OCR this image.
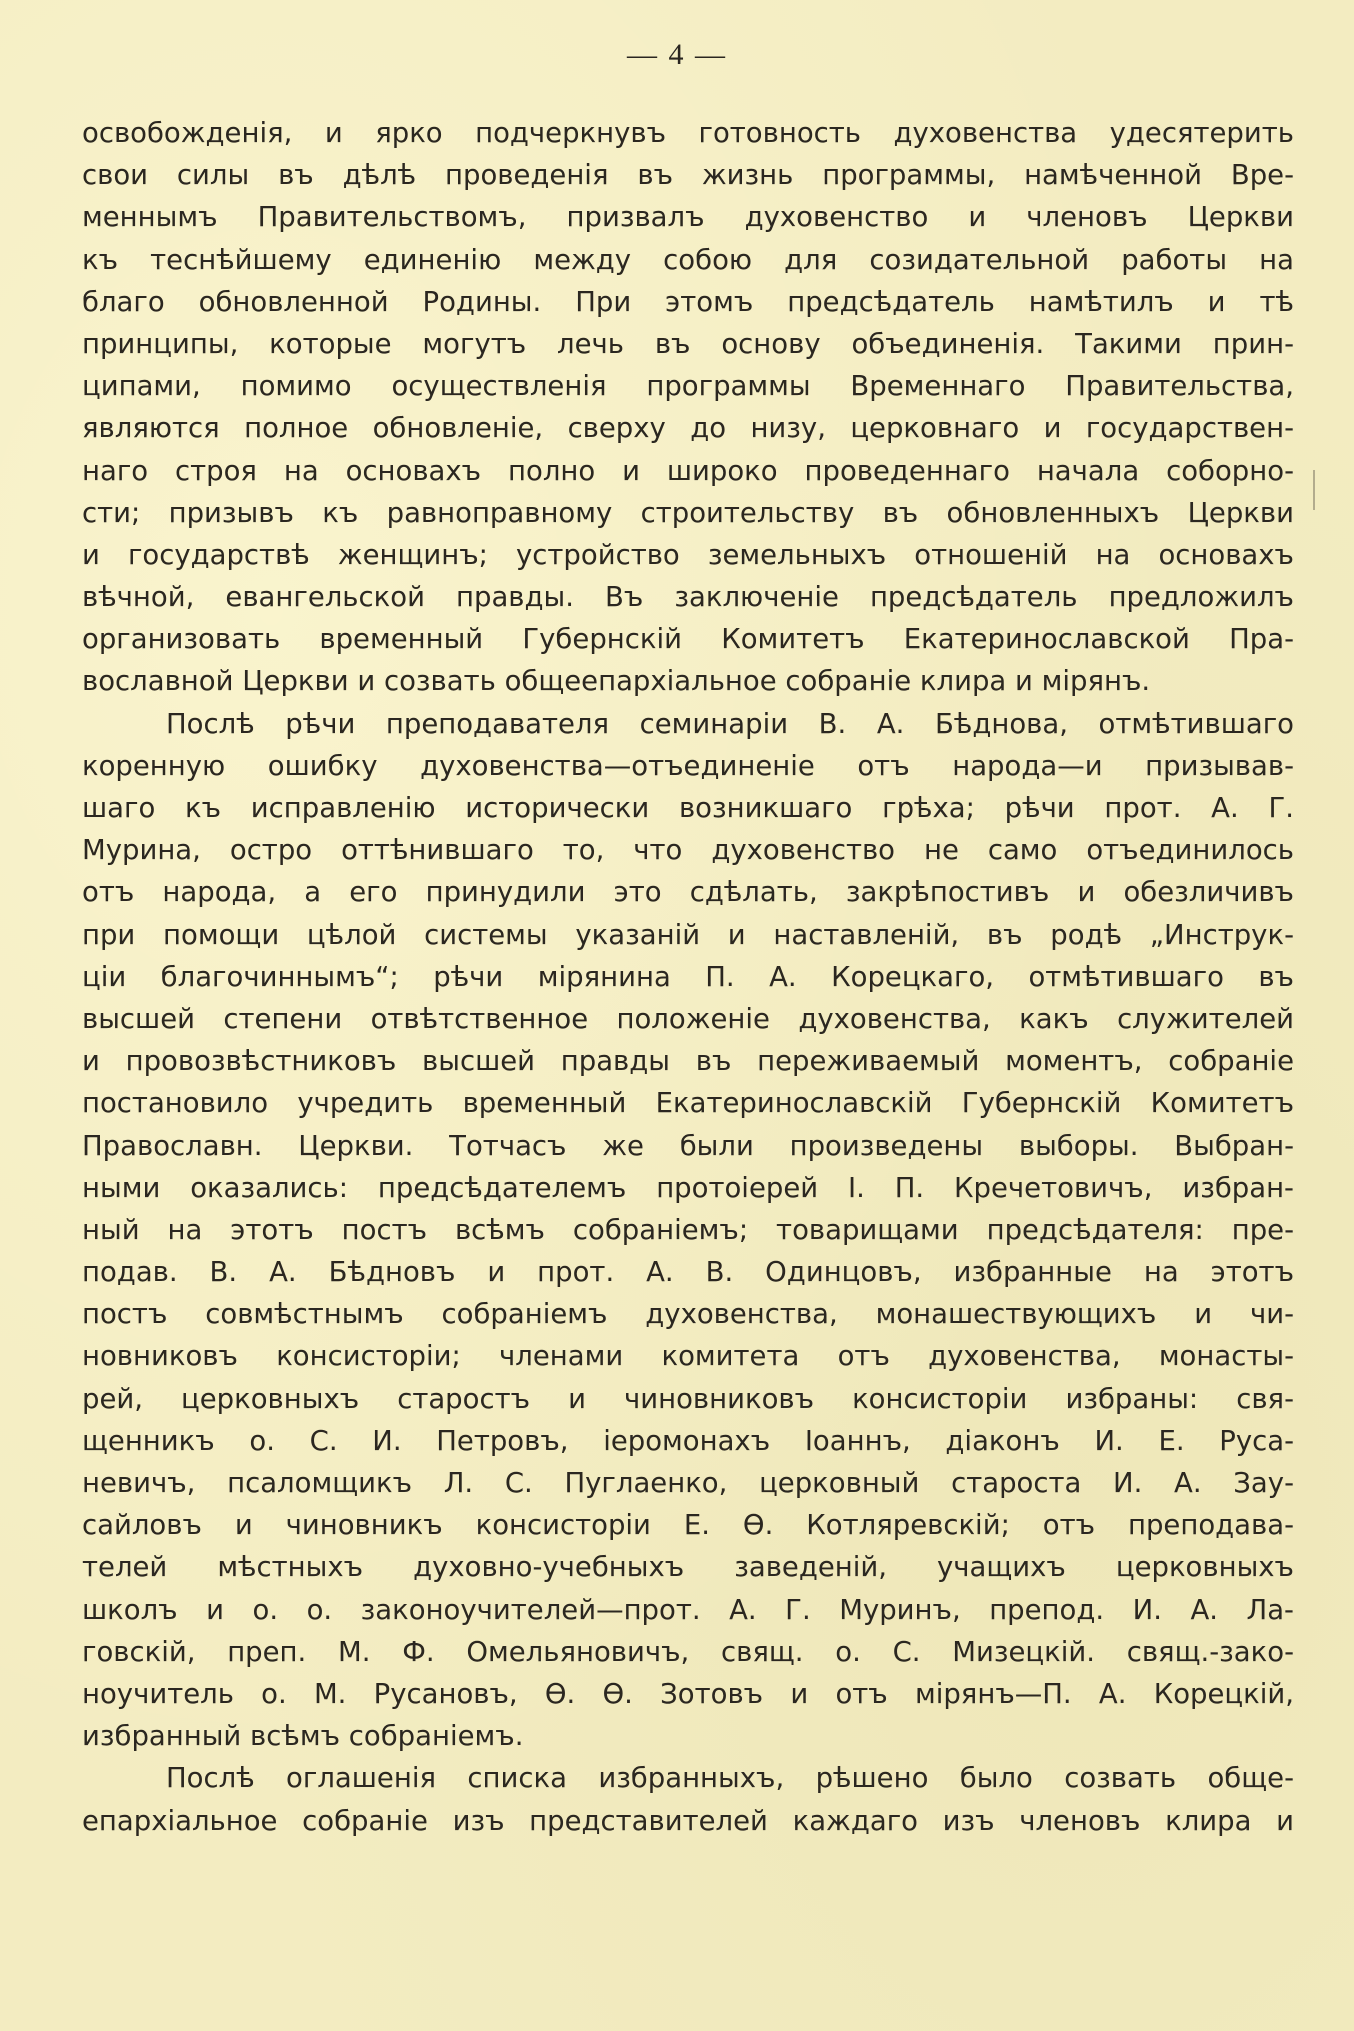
— 4 —
освобожденія, и ярко подчеркнувъ готовность духовенства удесятерить
свои силы въ дѣлѣ проведенія въ жизнь программы, намѣченной Вре-
меннымъ Правительствомъ, призвалъ духовенство и членовъ Церкви
къ теснѣйшему единенію между собою для созидательной работы на
благо обновленной Родины. При этомъ предсѣдатель намѣтилъ и тѣ
принципы, которые могутъ лечь въ основу объединенія. Такими прин-
ципами, помимо осуществленія программы Временнаго Правительства,
являются полное обновленіе, сверху до низу, церковнаго и государствен-
наго строя на основахъ полно и широко проведеннаго начала соборно-
сти; призывъ къ равноправному строительству въ обновленныхъ Церкви
и государствѣ женщинъ; устройство земельныхъ отношеній на основахъ
вѣчной, евангельской правды. Въ заключеніе предсѣдатель предложилъ
организовать временный Губернскій Комитетъ Екатеринославской Пра-
вославной Церкви и созвать общеепархіальное собраніе клира и мірянъ.
Послѣ рѣчи преподавателя семинаріи В. А. Бѣднова, отмѣтившаго
коренную ошибку духовенства—отъединеніе отъ народа—и призывав-
шаго къ исправленію исторически возникшаго грѣха; рѣчи прот. А. Г.
Мурина, остро оттѣнившаго то, что духовенство не само отъединилось
отъ народа, а его принудили это сдѣлать, закрѣпостивъ и обезличивъ
при помощи цѣлой системы указаній и наставленій, въ родѣ „Инструк-
ціи благочиннымъ“; рѣчи мірянина П. А. Корецкаго, отмѣтившаго въ
высшей степени отвѣтственное положеніе духовенства, какъ служителей
и провозвѣстниковъ высшей правды въ переживаемый моментъ, собраніе
постановило учредить временный Екатеринославскій Губернскій Комитетъ
Православн. Церкви. Тотчасъ же были произведены выборы. Выбран-
ными оказались: предсѣдателемъ протоіерей І. П. Кречетовичъ, избран-
ный на этотъ постъ всѣмъ собраніемъ; товарищами предсѣдателя: пре-
подав. В. А. Бѣдновъ и прот. А. В. Одинцовъ, избранные на этотъ
постъ совмѣстнымъ собраніемъ духовенства, монашествующихъ и чи-
новниковъ консисторіи; членами комитета отъ духовенства, монасты-
рей, церковныхъ старостъ и чиновниковъ консисторіи избраны: свя-
щенникъ о. С. И. Петровъ, іеромонахъ Іоаннъ, діаконъ И. Е. Руса-
невичъ, псаломщикъ Л. С. Пуглаенко, церковный староста И. А. Зау-
сайловъ и чиновникъ консисторіи Е. Ѳ. Котляревскій; отъ преподава-
телей мѣстныхъ духовно-учебныхъ заведеній, учащихъ церковныхъ
школъ и о. о. законоучителей—прот. А. Г. Муринъ, препод. И. А. Ла-
говскій, преп. М. Ф. Омельяновичъ, свящ. о. С. Мизецкій. свящ.-зако-
ноучитель о. М. Русановъ, Ѳ. Ѳ. Зотовъ и отъ мірянъ—П. А. Корецкій,
избранный всѣмъ собраніемъ.
Послѣ оглашенія списка избранныхъ, рѣшено было созвать обще-
епархіальное собраніе изъ представителей каждаго изъ членовъ клира и
